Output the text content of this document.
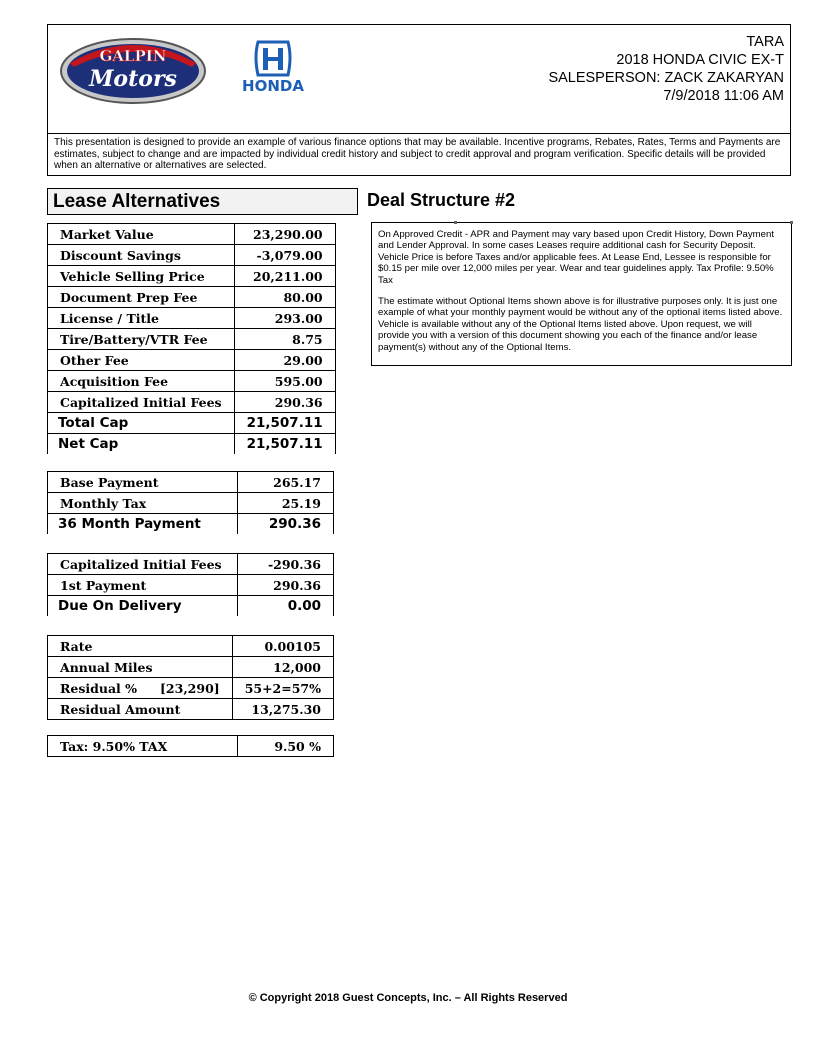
GALPIN
Motors	HONDA
TARA
2018 HONDA CIVIC EX-T
SALESPERSON: ZACK ZAKARYAN
7/9/2018 11:06 AM
This presentation is designed to provide an example of various finance options that may be available. Incentive programs, Rebates, Rates, Terms and Payments are estimates, subject to change and are impacted by individual credit history and subject to credit approval and program verification. Specific details will be provided when an alternative or alternatives are selected.
Lease Alternatives	Deal Structure #2

On Approved Credit - APR and Payment may vary based upon Credit History, Down Payment and Lender Approval. In some cases Leases require additional cash for Security Deposit. Vehicle Price is before Taxes and/or applicable fees. At Lease End, Lessee is responsible for $0.15 per mile over 12,000 miles per year. Wear and tear guidelines apply. Tax Profile: 9.50% Tax

The estimate without Optional Items shown above is for illustrative purposes only. It is just one example of what your monthly payment would be without any of the optional items listed above. Vehicle is available without any of the Optional Items listed above. Upon request, we will provide you with a version of this document showing you each of the finance and/or lease payment(s) without any of the Optional Items.

Market Value	23,290.00
Discount Savings	-3,079.00
Vehicle Selling Price	20,211.00
Document Prep Fee	80.00
License / Title	293.00
Tire/Battery/VTR Fee	8.75
Other Fee	29.00
Acquisition Fee	595.00
Capitalized Initial Fees	290.36
Total Cap	21,507.11
Net Cap	21,507.11
Base Payment	265.17
Monthly Tax	25.19
36 Month Payment	290.36
Capitalized Initial Fees	-290.36
1st Payment	290.36
Due On Delivery	0.00
Rate	0.00105
Annual Miles	12,000

Residual % [23,290]	55+2=57%
Residual Amount	13,275.30
Tax: 9.50% TAX	9.50 %
© Copyright 2018 Guest Concepts, Inc. – All Rights Reserved
